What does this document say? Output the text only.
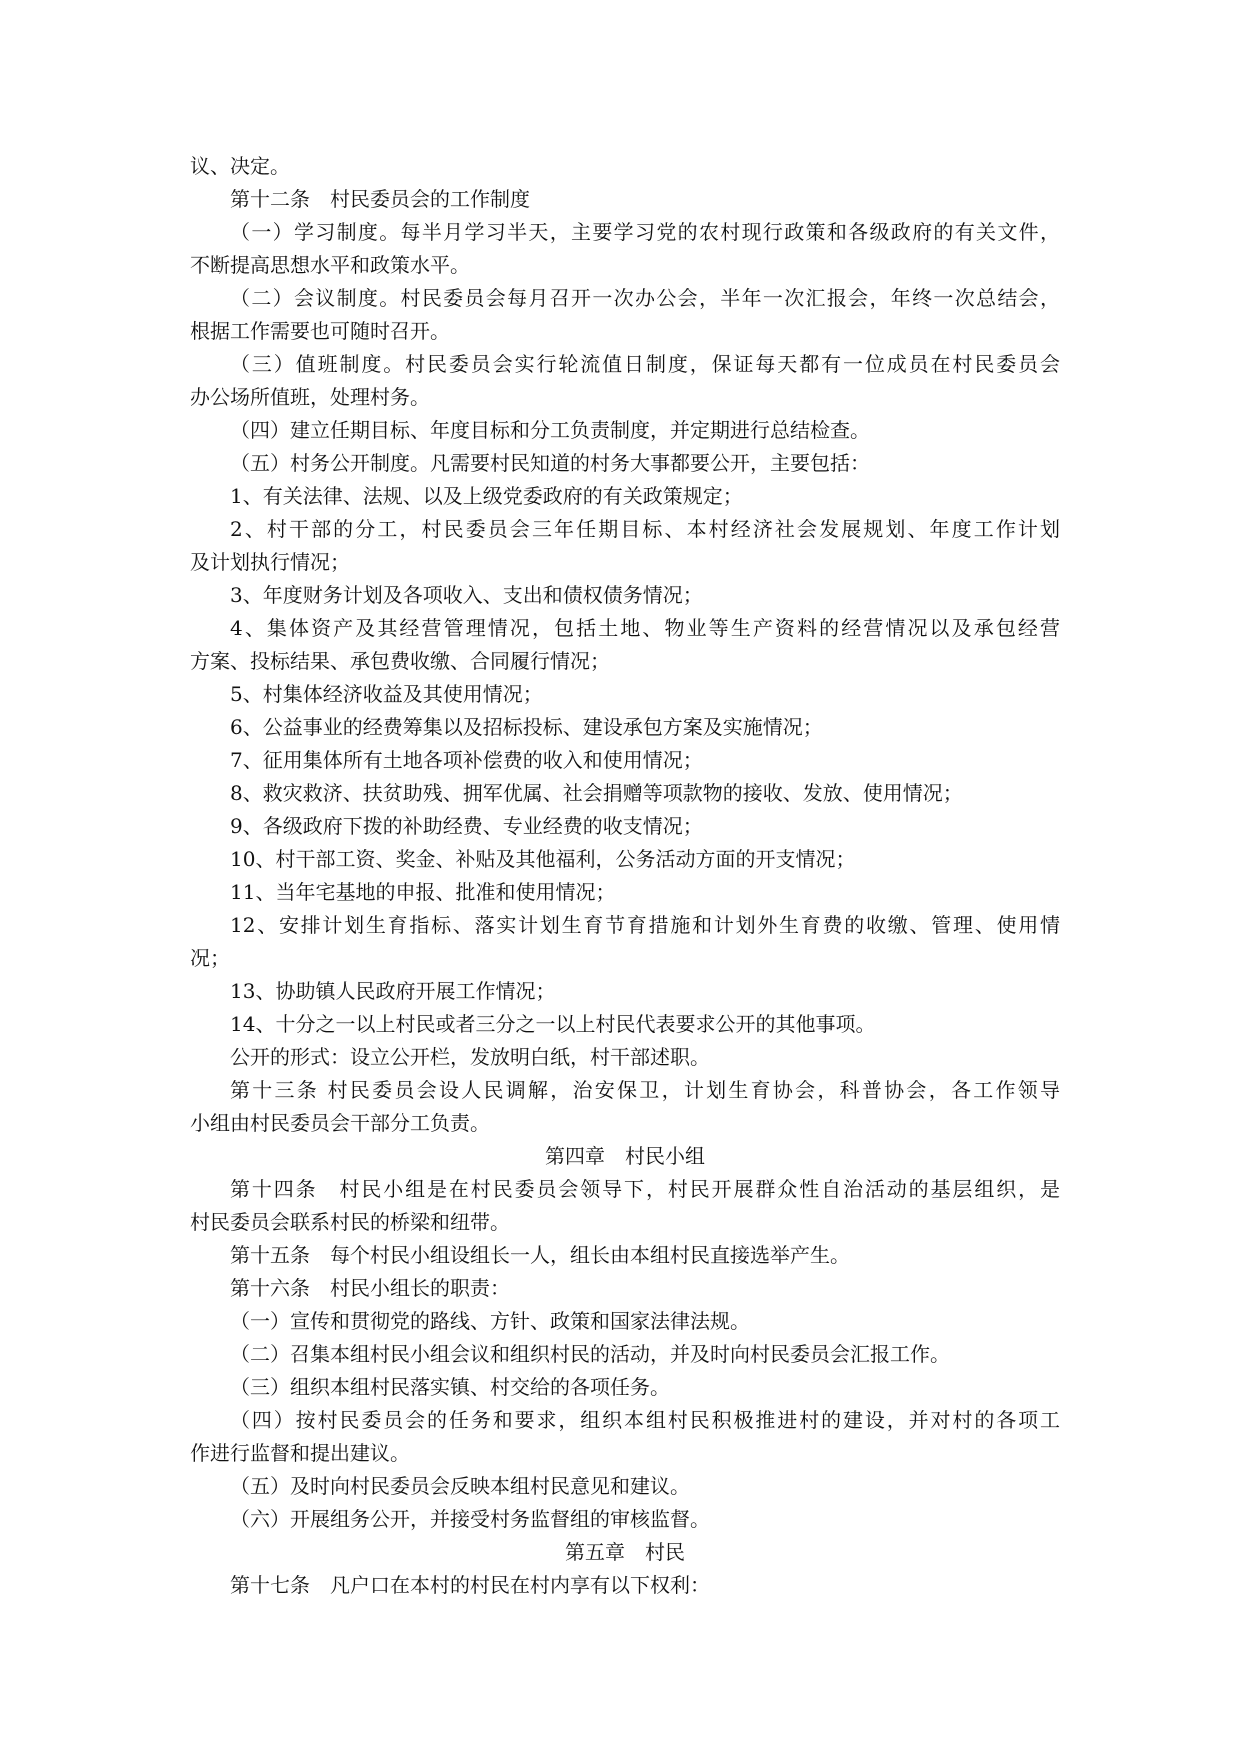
议、决定。
第十二条　村民委员会的工作制度
（一）学习制度。每半月学习半天，主要学习党的农村现行政策和各级政府的有关文件，
不断提高思想水平和政策水平。
（二）会议制度。村民委员会每月召开一次办公会，半年一次汇报会，年终一次总结会，
根据工作需要也可随时召开。
（三）值班制度。村民委员会实行轮流值日制度，保证每天都有一位成员在村民委员会
办公场所值班，处理村务。
（四）建立任期目标、年度目标和分工负责制度，并定期进行总结检查。
（五）村务公开制度。凡需要村民知道的村务大事都要公开，主要包括：
1、有关法律、法规、以及上级党委政府的有关政策规定；
2、村干部的分工，村民委员会三年任期目标、本村经济社会发展规划、年度工作计划
及计划执行情况；
3、年度财务计划及各项收入、支出和债权债务情况；
4、集体资产及其经营管理情况，包括土地、物业等生产资料的经营情况以及承包经营
方案、投标结果、承包费收缴、合同履行情况；
5、村集体经济收益及其使用情况；
6、公益事业的经费筹集以及招标投标、建设承包方案及实施情况；
7、征用集体所有土地各项补偿费的收入和使用情况；
8、救灾救济、扶贫助残、拥军优属、社会捐赠等项款物的接收、发放、使用情况；
9、各级政府下拨的补助经费、专业经费的收支情况；
10、村干部工资、奖金、补贴及其他福利，公务活动方面的开支情况；
11、当年宅基地的申报、批准和使用情况；
12、安排计划生育指标、落实计划生育节育措施和计划外生育费的收缴、管理、使用情
况；
13、协助镇人民政府开展工作情况；
14、十分之一以上村民或者三分之一以上村民代表要求公开的其他事项。
公开的形式：设立公开栏，发放明白纸，村干部述职。
第十三条 村民委员会设人民调解，治安保卫，计划生育协会，科普协会，各工作领导
小组由村民委员会干部分工负责。
第四章　村民小组
第十四条　村民小组是在村民委员会领导下，村民开展群众性自治活动的基层组织，是
村民委员会联系村民的桥梁和纽带。
第十五条　每个村民小组设组长一人，组长由本组村民直接选举产生。
第十六条　村民小组长的职责：
（一）宣传和贯彻党的路线、方针、政策和国家法律法规。
（二）召集本组村民小组会议和组织村民的活动，并及时向村民委员会汇报工作。
（三）组织本组村民落实镇、村交给的各项任务。
（四）按村民委员会的任务和要求，组织本组村民积极推进村的建设，并对村的各项工
作进行监督和提出建议。
（五）及时向村民委员会反映本组村民意见和建议。
（六）开展组务公开，并接受村务监督组的审核监督。
第五章　村民
第十七条　凡户口在本村的村民在村内享有以下权利：
